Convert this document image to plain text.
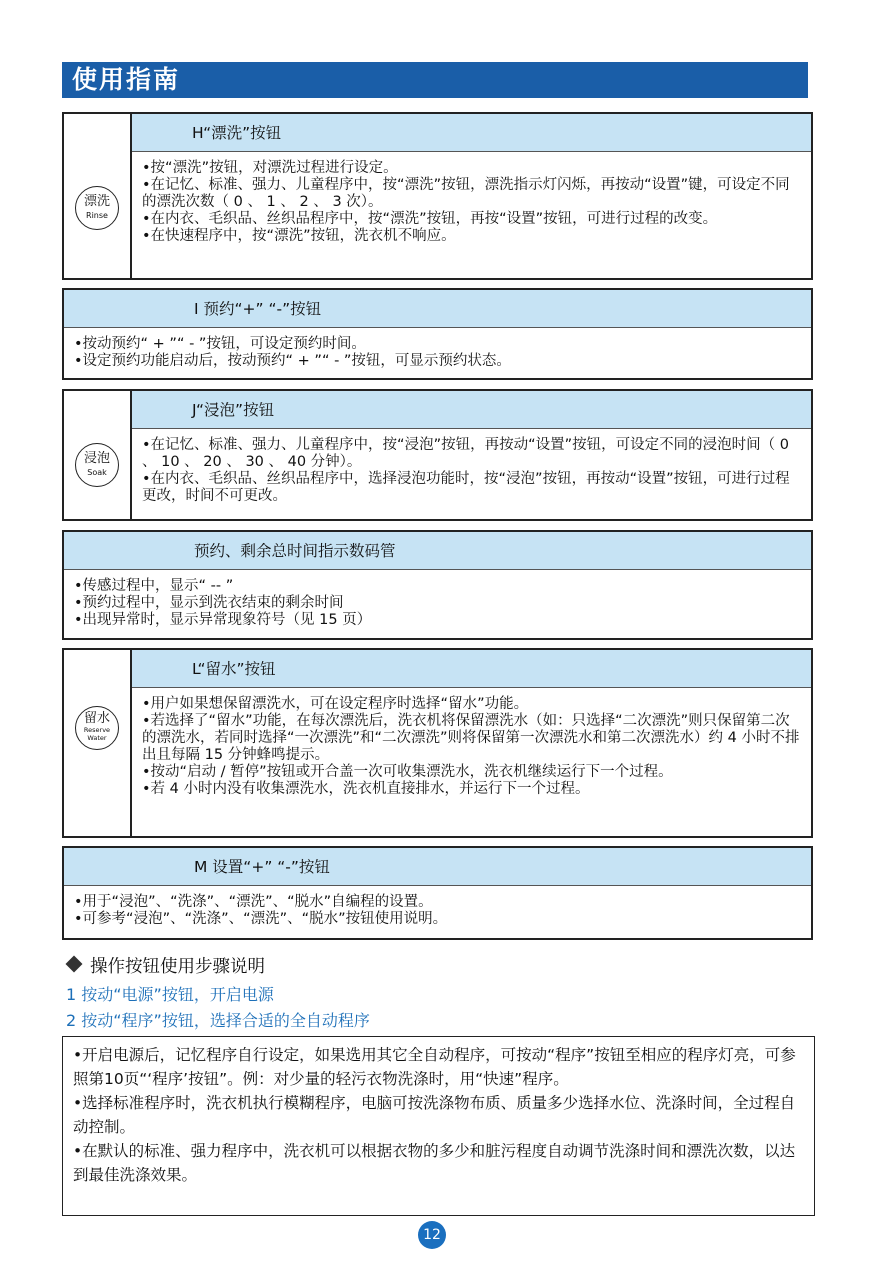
使用指南
漂洗
Rinse
H“漂洗”按钮

•按“漂洗”按钮，对漂洗过程进行设定。

•在记忆、标准、强力、儿童程序中，按“漂洗”按钮，漂洗指示灯闪烁，再按动“设置”键，可设定不同的漂洗次数（ 0 、 1 、 2 、 3 次）。

•在内衣、毛织品、丝织品程序中，按“漂洗”按钮，再按“设置”按钮，可进行过程的改变。

•在快速程序中，按“漂洗”按钮，洗衣机不响应。

I 预约“+” “-”按钮

•按动预约“ + ”“ - ”按钮，可设定预约时间。

•设定预约功能启动后，按动预约“ + ”“ - ”按钮，可显示预约状态。

浸泡
Soak
J“浸泡”按钮

•在记忆、标准、强力、儿童程序中，按“浸泡”按钮，再按动“设置”按钮，可设定不同的浸泡时间（ 0 、 10 、 20 、 30 、 40 分钟）。

•在内衣、毛织品、丝织品程序中，选择浸泡功能时，按“浸泡”按钮，再按动“设置”按钮，可进行过程更改，时间不可更改。

预约、剩余总时间指示数码管

•传感过程中，显示“ -- ”

•预约过程中，显示到洗衣结束的剩余时间

•出现异常时，显示异常现象符号（见 15 页）

留水
Reserve
Water
L“留水”按钮

•用户如果想保留漂洗水，可在设定程序时选择“留水”功能。

•若选择了“留水”功能，在每次漂洗后，洗衣机将保留漂洗水（如：只选择“二次漂洗”则只保留第二次的漂洗水，若同时选择“一次漂洗”和“二次漂洗”则将保留第一次漂洗水和第二次漂洗水）约 4 小时不排出且每隔 15 分钟蜂鸣提示。

•按动“启动 / 暂停”按钮或开合盖一次可收集漂洗水，洗衣机继续运行下一个过程。

•若 4 小时内没有收集漂洗水，洗衣机直接排水，并运行下一个过程。

M 设置“+” “-”按钮

•用于“浸泡”、“洗涤”、“漂洗”、“脱水”自编程的设置。

•可参考“浸泡”、“洗涤”、“漂洗”、“脱水”按钮使用说明。

操作按钮使用步骤说明
1 按动“电源”按钮，开启电源
2 按动“程序”按钮，选择合适的全自动程序

•开启电源后，记忆程序自行设定，如果选用其它全自动程序，可按动“程序”按钮至相应的程序灯亮，可参照第10页“‘程序’按钮”。例：对少量的轻污衣物洗涤时，用“快速”程序。

•选择标准程序时，洗衣机执行模糊程序，电脑可按洗涤物布质、质量多少选择水位、洗涤时间，全过程自动控制。

•在默认的标准、强力程序中，洗衣机可以根据衣物的多少和脏污程度自动调节洗涤时间和漂洗次数，以达到最佳洗涤效果。

12
